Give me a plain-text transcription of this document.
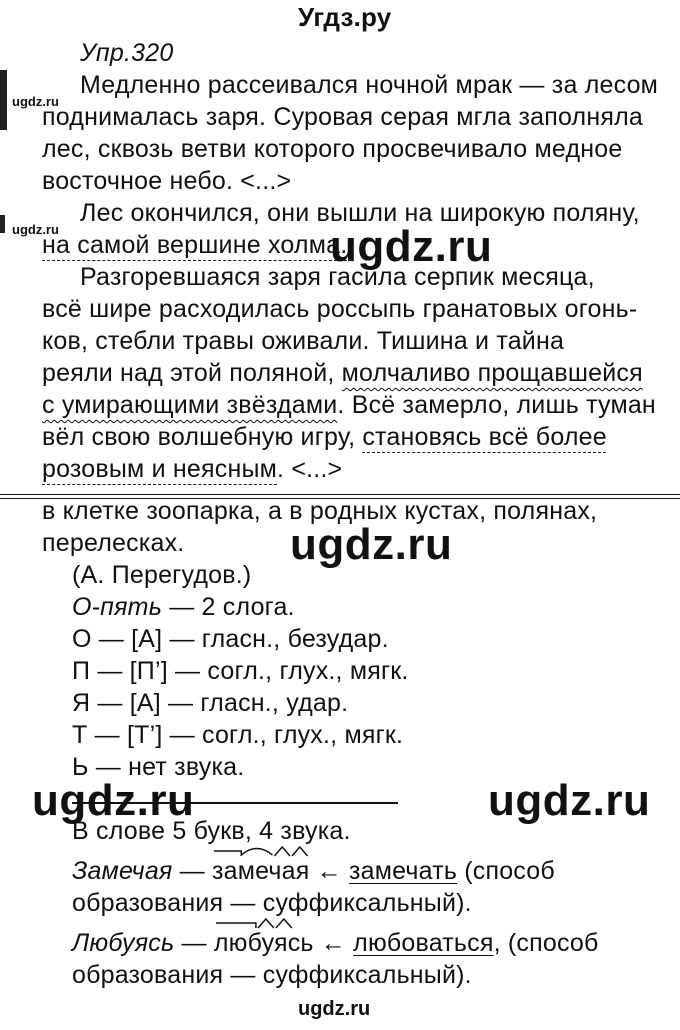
Угдз.ру
Упр.320
Медленно рассеивался ночной мрак — за лесом
поднималась заря. Суровая серая мгла заполняла
лес, сквозь ветви которого просвечивало медное
восточное небо. <...>
Лес окончился, они вышли на широкую поляну,
на самой вершине холма.
Разгоревшаяся заря гасила серпик месяца,
всё шире расходилась россыпь гранатовых огонь-
ков, стебли травы оживали. Тишина и тайна
реяли над этой поляной, молчаливо прощавшейся
с умирающими звёздами. Всё замерло, лишь туман
вёл свою волшебную игру, становясь всё более
розовым и неясным. <...>
в клетке зоопарка, а в родных кустах, полянах,
перелесках.
(А. Перегудов.)
О-пять — 2 слога.
О — [А] — гласн., безудар.
П — [П’] — согл., глух., мягк.
Я — [А] — гласн., удар.
Т — [Т’] — согл., глух., мягк.
Ь — нет звука.
В слове 5 букв, 4 звука.
Замечая —
замечая ← замечать (способ
образования — суффиксальный).
Любуясь —
любуясь ← любоваться, (способ
образования — суффиксальный).
ugdz.ru
ugdz.ru	ugdz.ru
ugdz.ru
ugdz.ru	ugdz.ru
ugdz.ru
